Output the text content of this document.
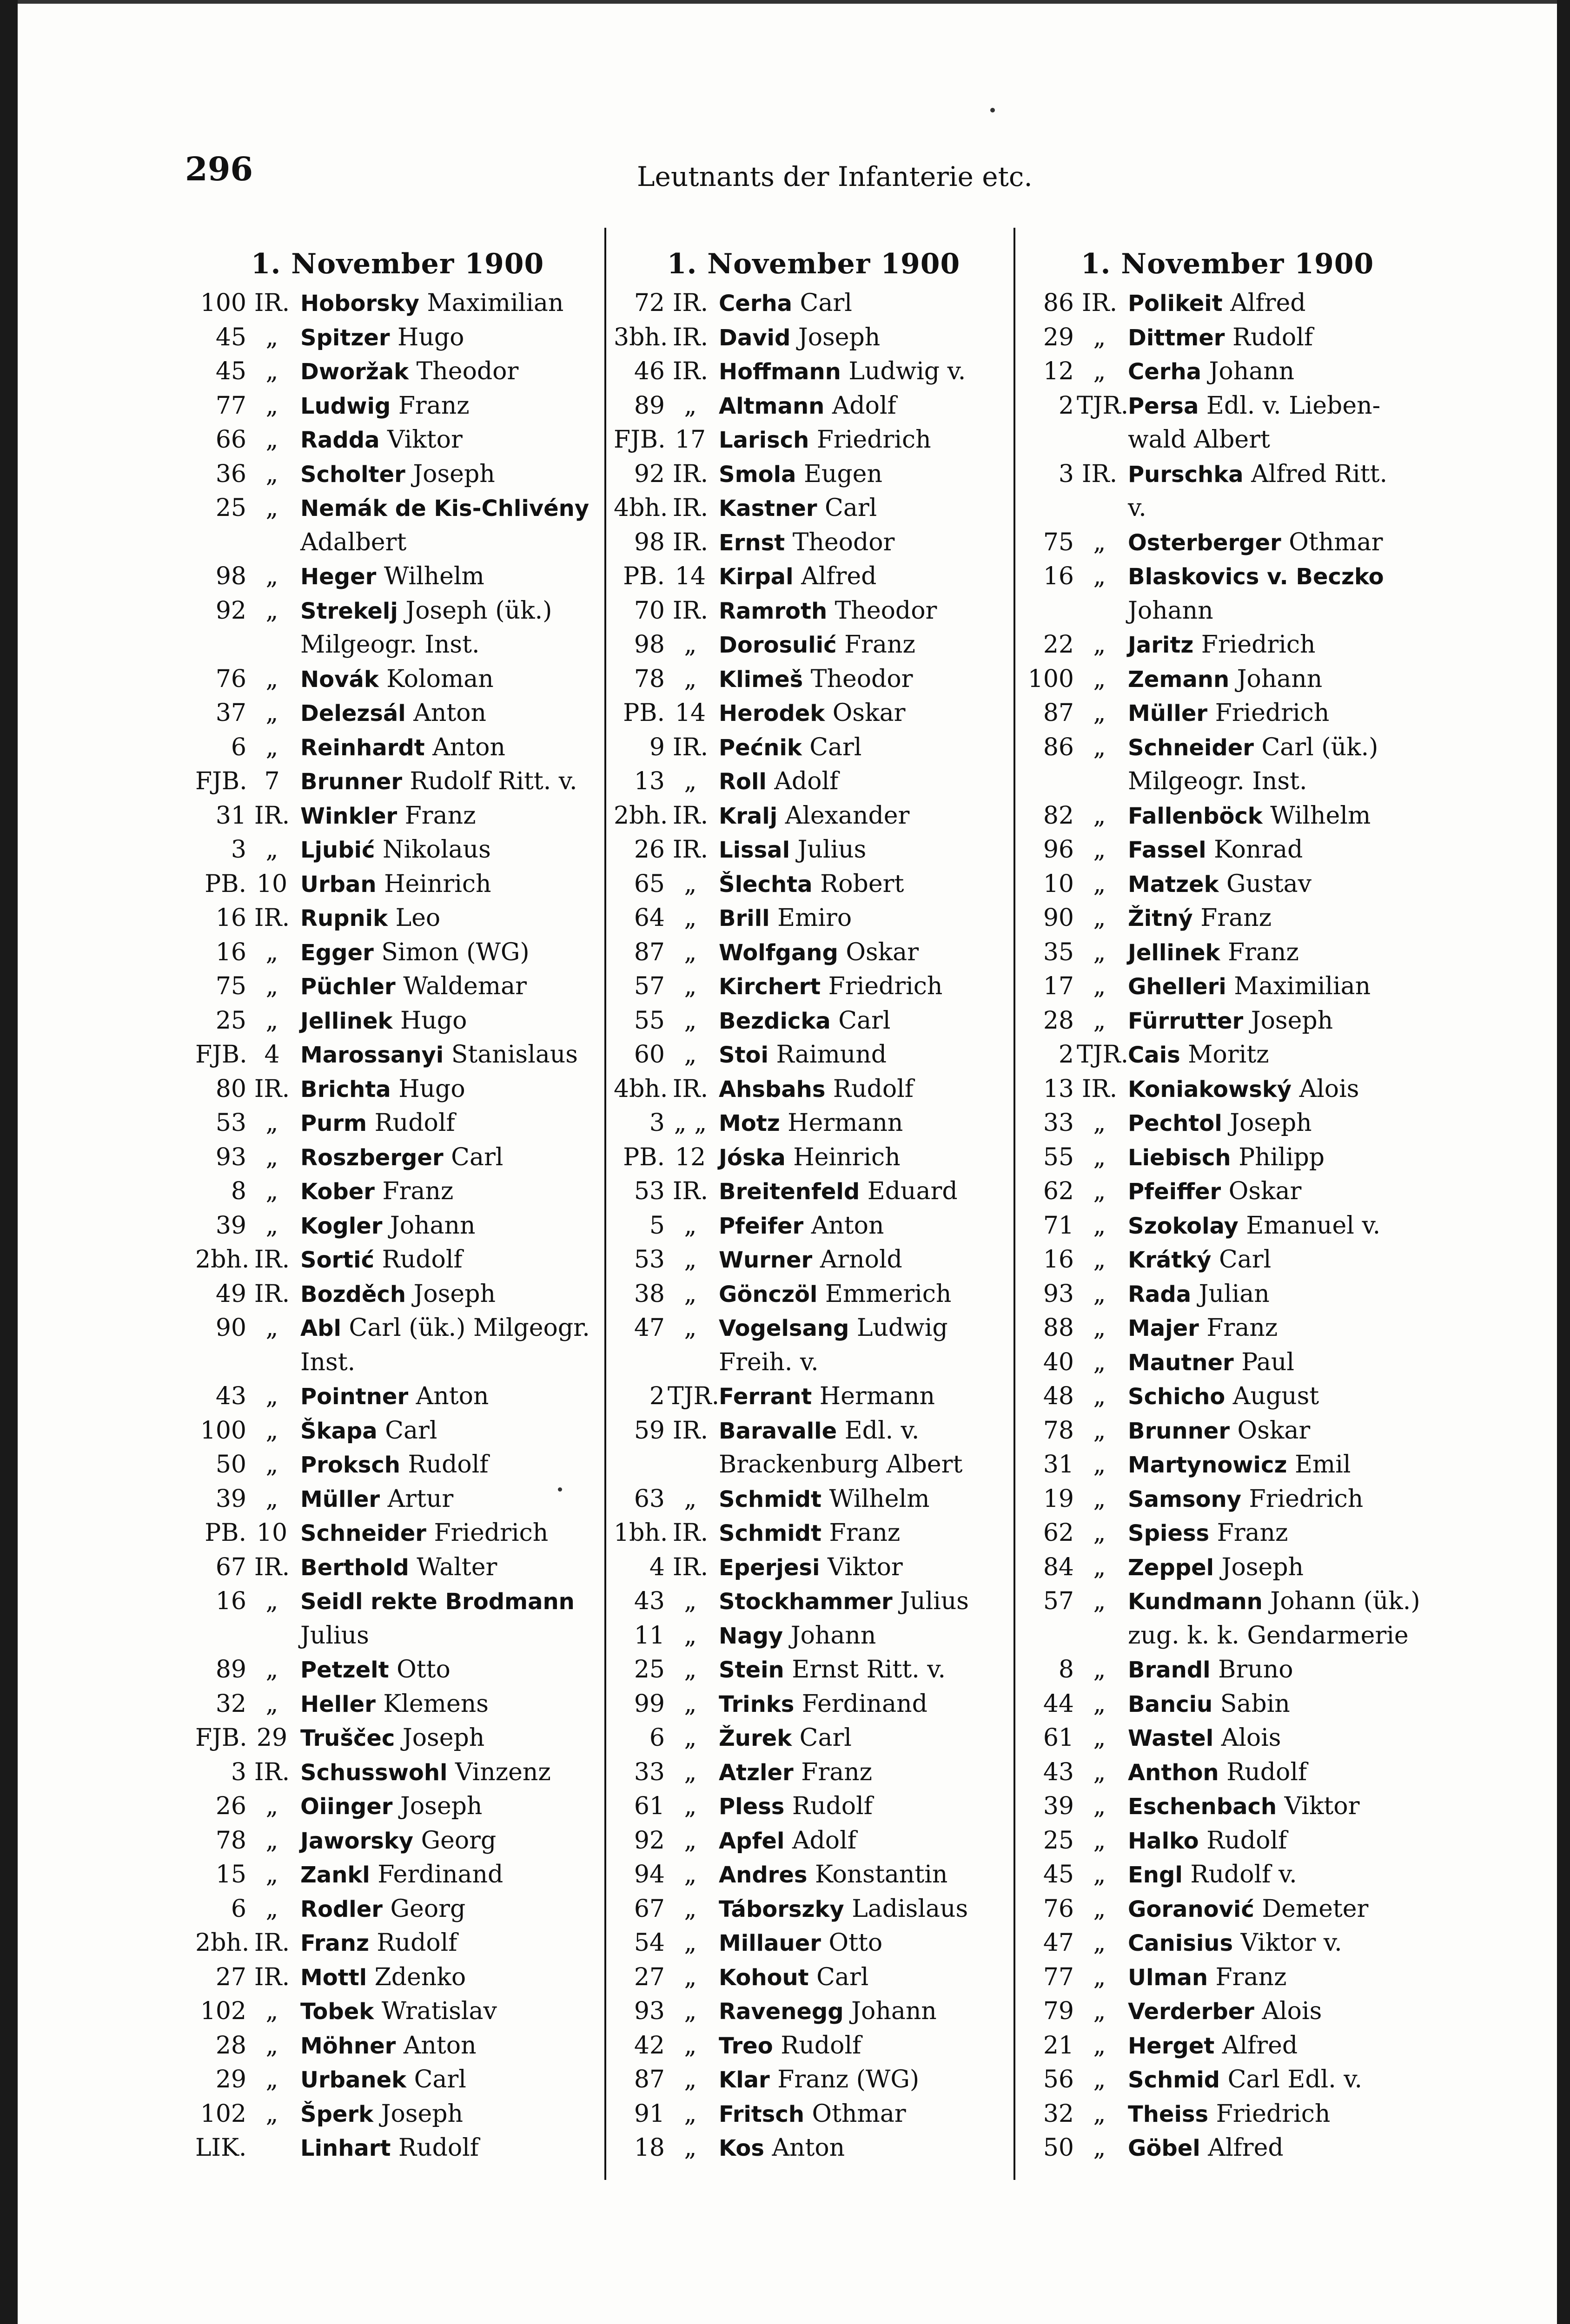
296	Leutnants der Infanterie etc.
1. November 1900
100 IR. Hoborsky Maximilian
45 „ Spitzer Hugo
45 „ Dworžak Theodor
77 „ Ludwig Franz
66 „ Radda Viktor
36 „ Scholter Joseph
25 „ Nemák de Kis-Chlivény
Adalbert
98 „ Heger Wilhelm
92 „ Strekelj Joseph (ük.)
Milgeogr. Inst.
76 „ Novák Koloman
37 „ Delezsál Anton
6 „ Reinhardt Anton
FJB. 7 Brunner Rudolf Ritt. v.
31 IR. Winkler Franz
3 „ Ljubić Nikolaus
PB. 10 Urban Heinrich
16 IR. Rupnik Leo
16 „ Egger Simon (WG)
75 „ Püchler Waldemar
25 „ Jellinek Hugo
FJB. 4 Marossanyi Stanislaus
80 IR. Brichta Hugo
53 „ Purm Rudolf
93 „ Roszberger Carl
8 „ Kober Franz
39 „ Kogler Johann
2bh. IR. Sortić Rudolf
49 IR. Bozděch Joseph
90 „ Abl Carl (ük.) Milgeogr.
Inst.
43 „ Pointner Anton
100 „ Škapa Carl
50 „ Proksch Rudolf
39 „ Müller Artur
PB. 10 Schneider Friedrich
67 IR. Berthold Walter
16 „ Seidl rekte Brodmann
Julius
89 „ Petzelt Otto
32 „ Heller Klemens
FJB. 29 Truščec Joseph
3 IR. Schusswohl Vinzenz
26 „ Oiinger Joseph
78 „ Jaworsky Georg
15 „ Zankl Ferdinand
6 „ Rodler Georg
2bh. IR. Franz Rudolf
27 IR. Mottl Zdenko
102 „ Tobek Wratislav
28 „ Möhner Anton
29 „ Urbanek Carl
102 „ Šperk Joseph
LIK. Linhart Rudolf
1. November 1900
72 IR. Cerha Carl
3bh. IR. David Joseph
46 IR. Hoffmann Ludwig v.
89 „ Altmann Adolf
FJB. 17 Larisch Friedrich
92 IR. Smola Eugen
4bh. IR. Kastner Carl
98 IR. Ernst Theodor
PB. 14 Kirpal Alfred
70 IR. Ramroth Theodor
98 „ Dorosulić Franz
78 „ Klimeš Theodor
PB. 14 Herodek Oskar
9 IR. Pećnik Carl
13 „ Roll Adolf
2bh. IR. Kralj Alexander
26 IR. Lissal Julius
65 „ Šlechta Robert
64 „ Brill Emiro
87 „ Wolfgang Oskar
57 „ Kirchert Friedrich
55 „ Bezdicka Carl
60 „ Stoi Raimund
4bh. IR. Ahsbahs Rudolf
3 „ „ Motz Hermann
PB. 12 Jóska Heinrich
53 IR. Breitenfeld Eduard
5 „ Pfeifer Anton
53 „ Wurner Arnold
38 „ Gönczöl Emmerich
47 „ Vogelsang Ludwig
Freih. v.
2 TJR.
Ferrant Hermann
59 IR. Baravalle Edl. v.
Brackenburg Albert
63 „ Schmidt Wilhelm
1bh. IR. Schmidt Franz
4 IR. Eperjesi Viktor
43 „ Stockhammer Julius
11 „ Nagy Johann
25 „ Stein Ernst Ritt. v.
99 „ Trinks Ferdinand
6 „ Žurek Carl
33 „ Atzler Franz
61 „ Pless Rudolf
92 „ Apfel Adolf
94 „ Andres Konstantin
67 „ Táborszky Ladislaus
54 „ Millauer Otto
27 „ Kohout Carl
93 „ Ravenegg Johann
42 „ Treo Rudolf
87 „ Klar Franz (WG)
91 „ Fritsch Othmar
18 „ Kos Anton
1. November 1900
86 IR. Polikeit Alfred
29 „ Dittmer Rudolf
12 „ Cerha Johann
2 TJR.
Persa Edl. v. Lieben-
wald Albert
3 IR. Purschka Alfred Ritt.
v.
75 „ Osterberger Othmar
16 „ Blaskovics v. Beczko
Johann
22 „ Jaritz Friedrich
100 „ Zemann Johann
87 „ Müller Friedrich
86 „ Schneider Carl (ük.)
Milgeogr. Inst.
82 „ Fallenböck Wilhelm
96 „ Fassel Konrad
10 „ Matzek Gustav
90 „ Žitný Franz
35 „ Jellinek Franz
17 „ Ghelleri Maximilian
28 „ Fürrutter Joseph
2 TJR.
Cais Moritz
13 IR. Koniakowský Alois
33 „ Pechtol Joseph
55 „ Liebisch Philipp
62 „ Pfeiffer Oskar
71 „ Szokolay Emanuel v.
16 „ Krátký Carl
93 „ Rada Julian
88 „ Majer Franz
40 „ Mautner Paul
48 „ Schicho August
78 „ Brunner Oskar
31 „ Martynowicz Emil
19 „ Samsony Friedrich
62 „ Spiess Franz
84 „ Zeppel Joseph
57 „ Kundmann Johann (ük.)
zug. k. k. Gendarmerie
8 „ Brandl Bruno
44 „ Banciu Sabin
61 „ Wastel Alois
43 „ Anthon Rudolf
39 „ Eschenbach Viktor
25 „ Halko Rudolf
45 „ Engl Rudolf v.
76 „ Goranović Demeter
47 „ Canisius Viktor v.
77 „ Ulman Franz
79 „ Verderber Alois
21 „ Herget Alfred
56 „ Schmid Carl Edl. v.
32 „ Theiss Friedrich
50 „ Göbel Alfred
